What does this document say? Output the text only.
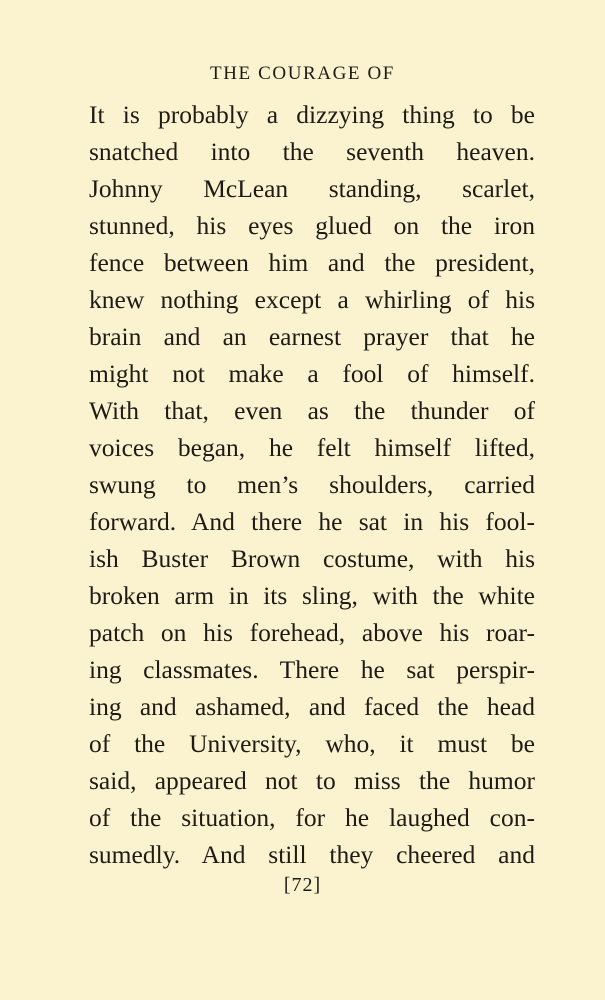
THE COURAGE OF
It is probably a dizzying thing to be
snatched into the seventh heaven.
Johnny McLean standing, scarlet,
stunned, his eyes glued on the iron
fence between him and the president,
knew nothing except a whirling of his
brain and an earnest prayer that he
might not make a fool of himself.
With that, even as the thunder of
voices began, he felt himself lifted,
swung to men’s shoulders, carried
forward. And there he sat in his fool-
ish Buster Brown costume, with his
broken arm in its sling, with the white
patch on his forehead, above his roar-
ing classmates. There he sat perspir-
ing and ashamed, and faced the head
of the University, who, it must be
said, appeared not to miss the humor
of the situation, for he laughed con-
sumedly. And still they cheered and
[72]
